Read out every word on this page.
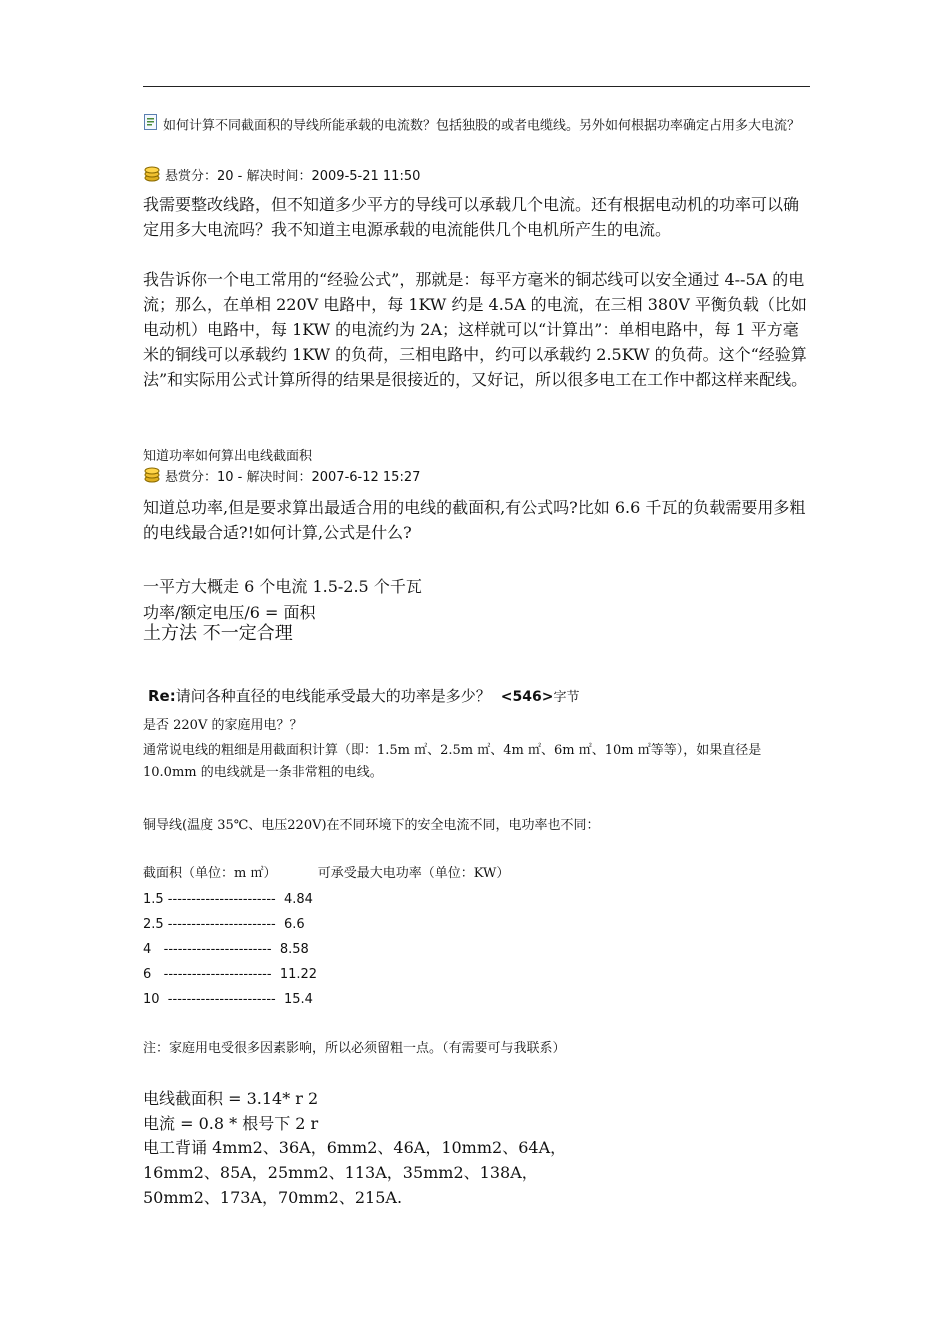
如何计算不同截面积的导线所能承载的电流数？包括独股的或者电缆线。另外如何根据功率确定占用多大电流？
悬赏分：20 - 解决时间：2009-5-21 11:50
我需要整改线路，但不知道多少平方的导线可以承载几个电流。还有根据电动机的功率可以确定用多大电流吗？我不知道主电源承载的电流能供几个电机所产生的电流。
我告诉你一个电工常用的“经验公式”，那就是：每平方毫米的铜芯线可以安全通过 4--5A 的电流；那么，在单相 220V 电路中，每 1KW 约是 4.5A 的电流，在三相 380V 平衡负载（比如电动机）电路中，每 1KW 的电流约为 2A；这样就可以“计算出”：单相电路中，每 1 平方毫米的铜线可以承载约 1KW 的负荷，三相电路中，约可以承载约 2.5KW 的负荷。这个“经验算法”和实际用公式计算所得的结果是很接近的，又好记，所以很多电工在工作中都这样来配线。
知道功率如何算出电线截面积
悬赏分：10 - 解决时间：2007-6-12 15:27
知道总功率,但是要求算出最适合用的电线的截面积,有公式吗?比如 6.6 千瓦的负载需要用多粗的电线最合适?!如何计算,公式是什么?
一平方大概走 6 个电流 1.5-2.5 个千瓦
功率/额定电压/6 = 面积
土方法 不一定合理
Re:请问各种直径的电线能承受最大的功率是多少？ <546>字节
是否 220V 的家庭用电？？
通常说电线的粗细是用截面积计算（即：1.5m ㎡、2.5m ㎡、4m ㎡、6m ㎡、10m ㎡等等），如果直径是 10.0mm 的电线就是一条非常粗的电线。
铜导线(温度 35℃、电压220V)在不同环境下的安全电流不同，电功率也不同：
截面积（单位：m ㎡）          可承受最大电功率（单位：KW）
1.5 -----------------------  4.84
2.5 -----------------------  6.6
4   -----------------------  8.58
6   -----------------------  11.22
10  -----------------------  15.4
注：家庭用电受很多因素影响，所以必须留粗一点。（有需要可与我联系）
电线截面积 = 3.14* r 2
电流 = 0.8 * 根号下 2 r
电工背诵 4mm2、36A，6mm2、46A，10mm2、64A，
16mm2、85A，25mm2、113A，35mm2、138A，
50mm2、173A，70mm2、215A.
